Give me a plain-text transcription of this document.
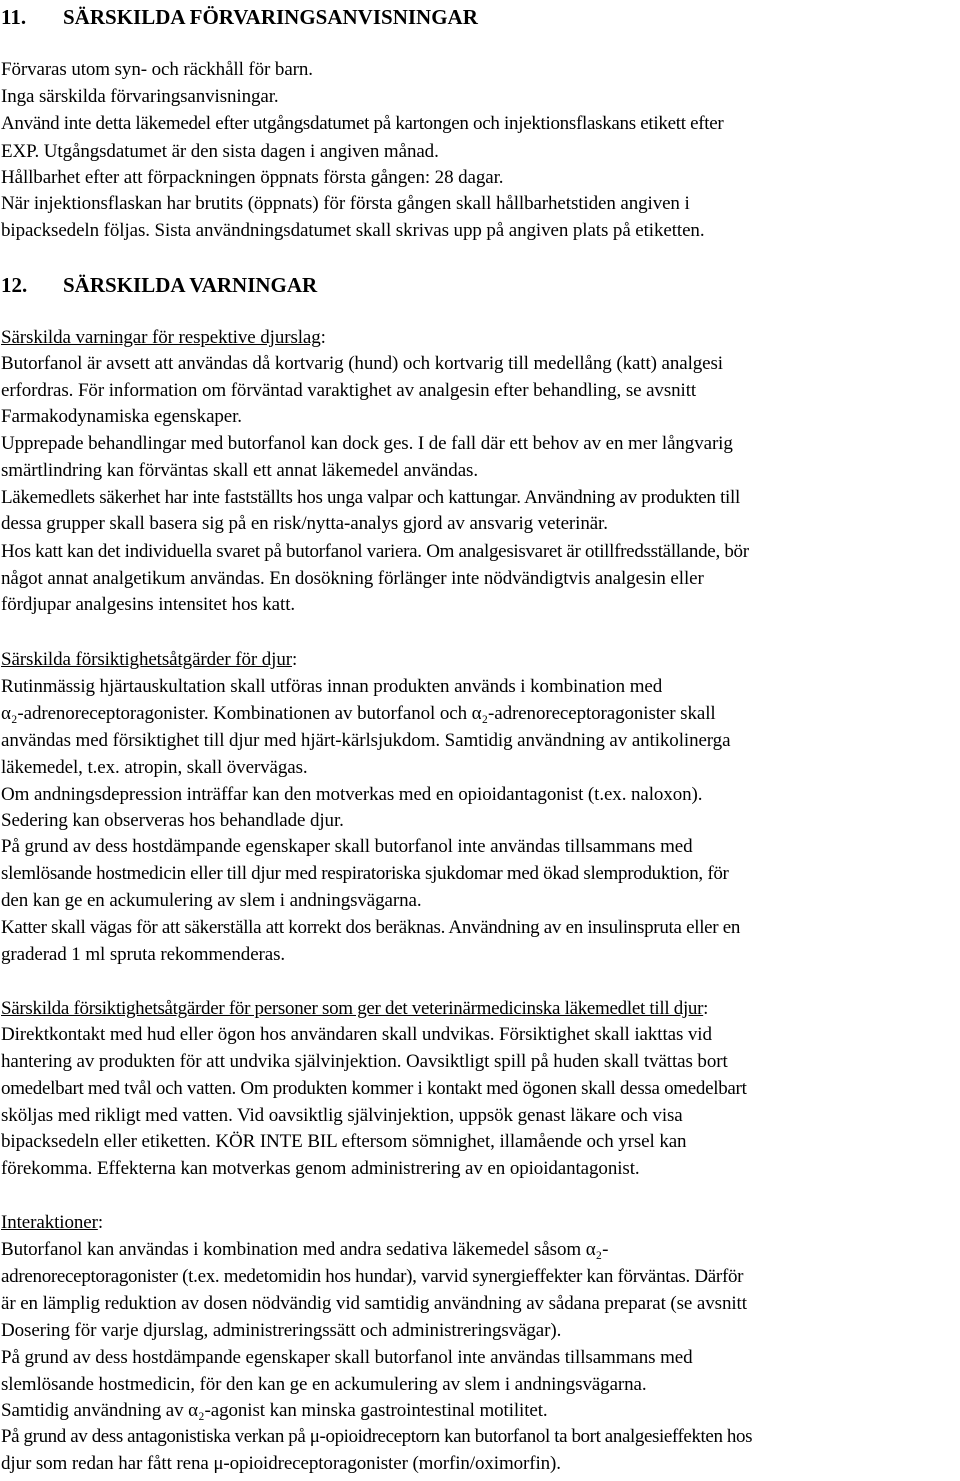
11. SÄRSKILDA FÖRVARINGSANVISNINGAR
Förvaras utom syn- och räckhåll för barn.
Inga särskilda förvaringsanvisningar.
Använd inte detta läkemedel efter utgångsdatumet på kartongen och injektionsflaskans etikett efter
EXP. Utgångsdatumet är den sista dagen i angiven månad.
Hållbarhet efter att förpackningen öppnats första gången: 28 dagar.
När injektionsflaskan har brutits (öppnats) för första gången skall hållbarhetstiden angiven i
bipacksedeln följas. Sista användningsdatumet skall skrivas upp på angiven plats på etiketten.
12. SÄRSKILDA VARNINGAR
Särskilda varningar för respektive djurslag:
Butorfanol är avsett att användas då kortvarig (hund) och kortvarig till medellång (katt) analgesi
erfordras. För information om förväntad varaktighet av analgesin efter behandling, se avsnitt
Farmakodynamiska egenskaper.
Upprepade behandlingar med butorfanol kan dock ges. I de fall där ett behov av en mer långvarig
smärtlindring kan förväntas skall ett annat läkemedel användas.
Läkemedlets säkerhet har inte fastställts hos unga valpar och kattungar. Användning av produkten till
dessa grupper skall basera sig på en risk/nytta-analys gjord av ansvarig veterinär.
Hos katt kan det individuella svaret på butorfanol variera. Om analgesisvaret är otillfredsställande, bör
något annat analgetikum användas. En dosökning förlänger inte nödvändigtvis analgesin eller
fördjupar analgesins intensitet hos katt.
Särskilda försiktighetsåtgärder för djur:
Rutinmässig hjärtauskultation skall utföras innan produkten används i kombination med
α₂-adrenoreceptoragonister. Kombinationen av butorfanol och α₂-adrenoreceptoragonister skall
användas med försiktighet till djur med hjärt-kärlsjukdom. Samtidig användning av antikolinerga
läkemedel, t.ex. atropin, skall övervägas.
Om andningsdepression inträffar kan den motverkas med en opioidantagonist (t.ex. naloxon).
Sedering kan observeras hos behandlade djur.
På grund av dess hostdämpande egenskaper skall butorfanol inte användas tillsammans med
slemlösande hostmedicin eller till djur med respiratoriska sjukdomar med ökad slemproduktion, för
den kan ge en ackumulering av slem i andningsvägarna.
Katter skall vägas för att säkerställa att korrekt dos beräknas. Användning av en insulinspruta eller en
graderad 1 ml spruta rekommenderas.
Särskilda försiktighetsåtgärder för personer som ger det veterinärmedicinska läkemedlet till djur:
Direktkontakt med hud eller ögon hos användaren skall undvikas. Försiktighet skall iakttas vid
hantering av produkten för att undvika självinjektion. Oavsiktligt spill på huden skall tvättas bort
omedelbart med tvål och vatten. Om produkten kommer i kontakt med ögonen skall dessa omedelbart
sköljas med rikligt med vatten. Vid oavsiktlig självinjektion, uppsök genast läkare och visa
bipacksedeln eller etiketten. KÖR INTE BIL eftersom sömnighet, illamående och yrsel kan
förekomma. Effekterna kan motverkas genom administrering av en opioidantagonist.
Interaktioner:
Butorfanol kan användas i kombination med andra sedativa läkemedel såsom α₂-
adrenoreceptoragonister (t.ex. medetomidin hos hundar), varvid synergieffekter kan förväntas. Därför
är en lämplig reduktion av dosen nödvändig vid samtidig användning av sådana preparat (se avsnitt
Dosering för varje djurslag, administreringssätt och administreringsvägar).
På grund av dess hostdämpande egenskaper skall butorfanol inte användas tillsammans med
slemlösande hostmedicin, för den kan ge en ackumulering av slem i andningsvägarna.
Samtidig användning av α₂-agonist kan minska gastrointestinal motilitet.
På grund av dess antagonistiska verkan på μ-opioidreceptorn kan butorfanol ta bort analgesieffekten hos
djur som redan har fått rena μ-opioidreceptoragonister (morfin/oximorfin).
